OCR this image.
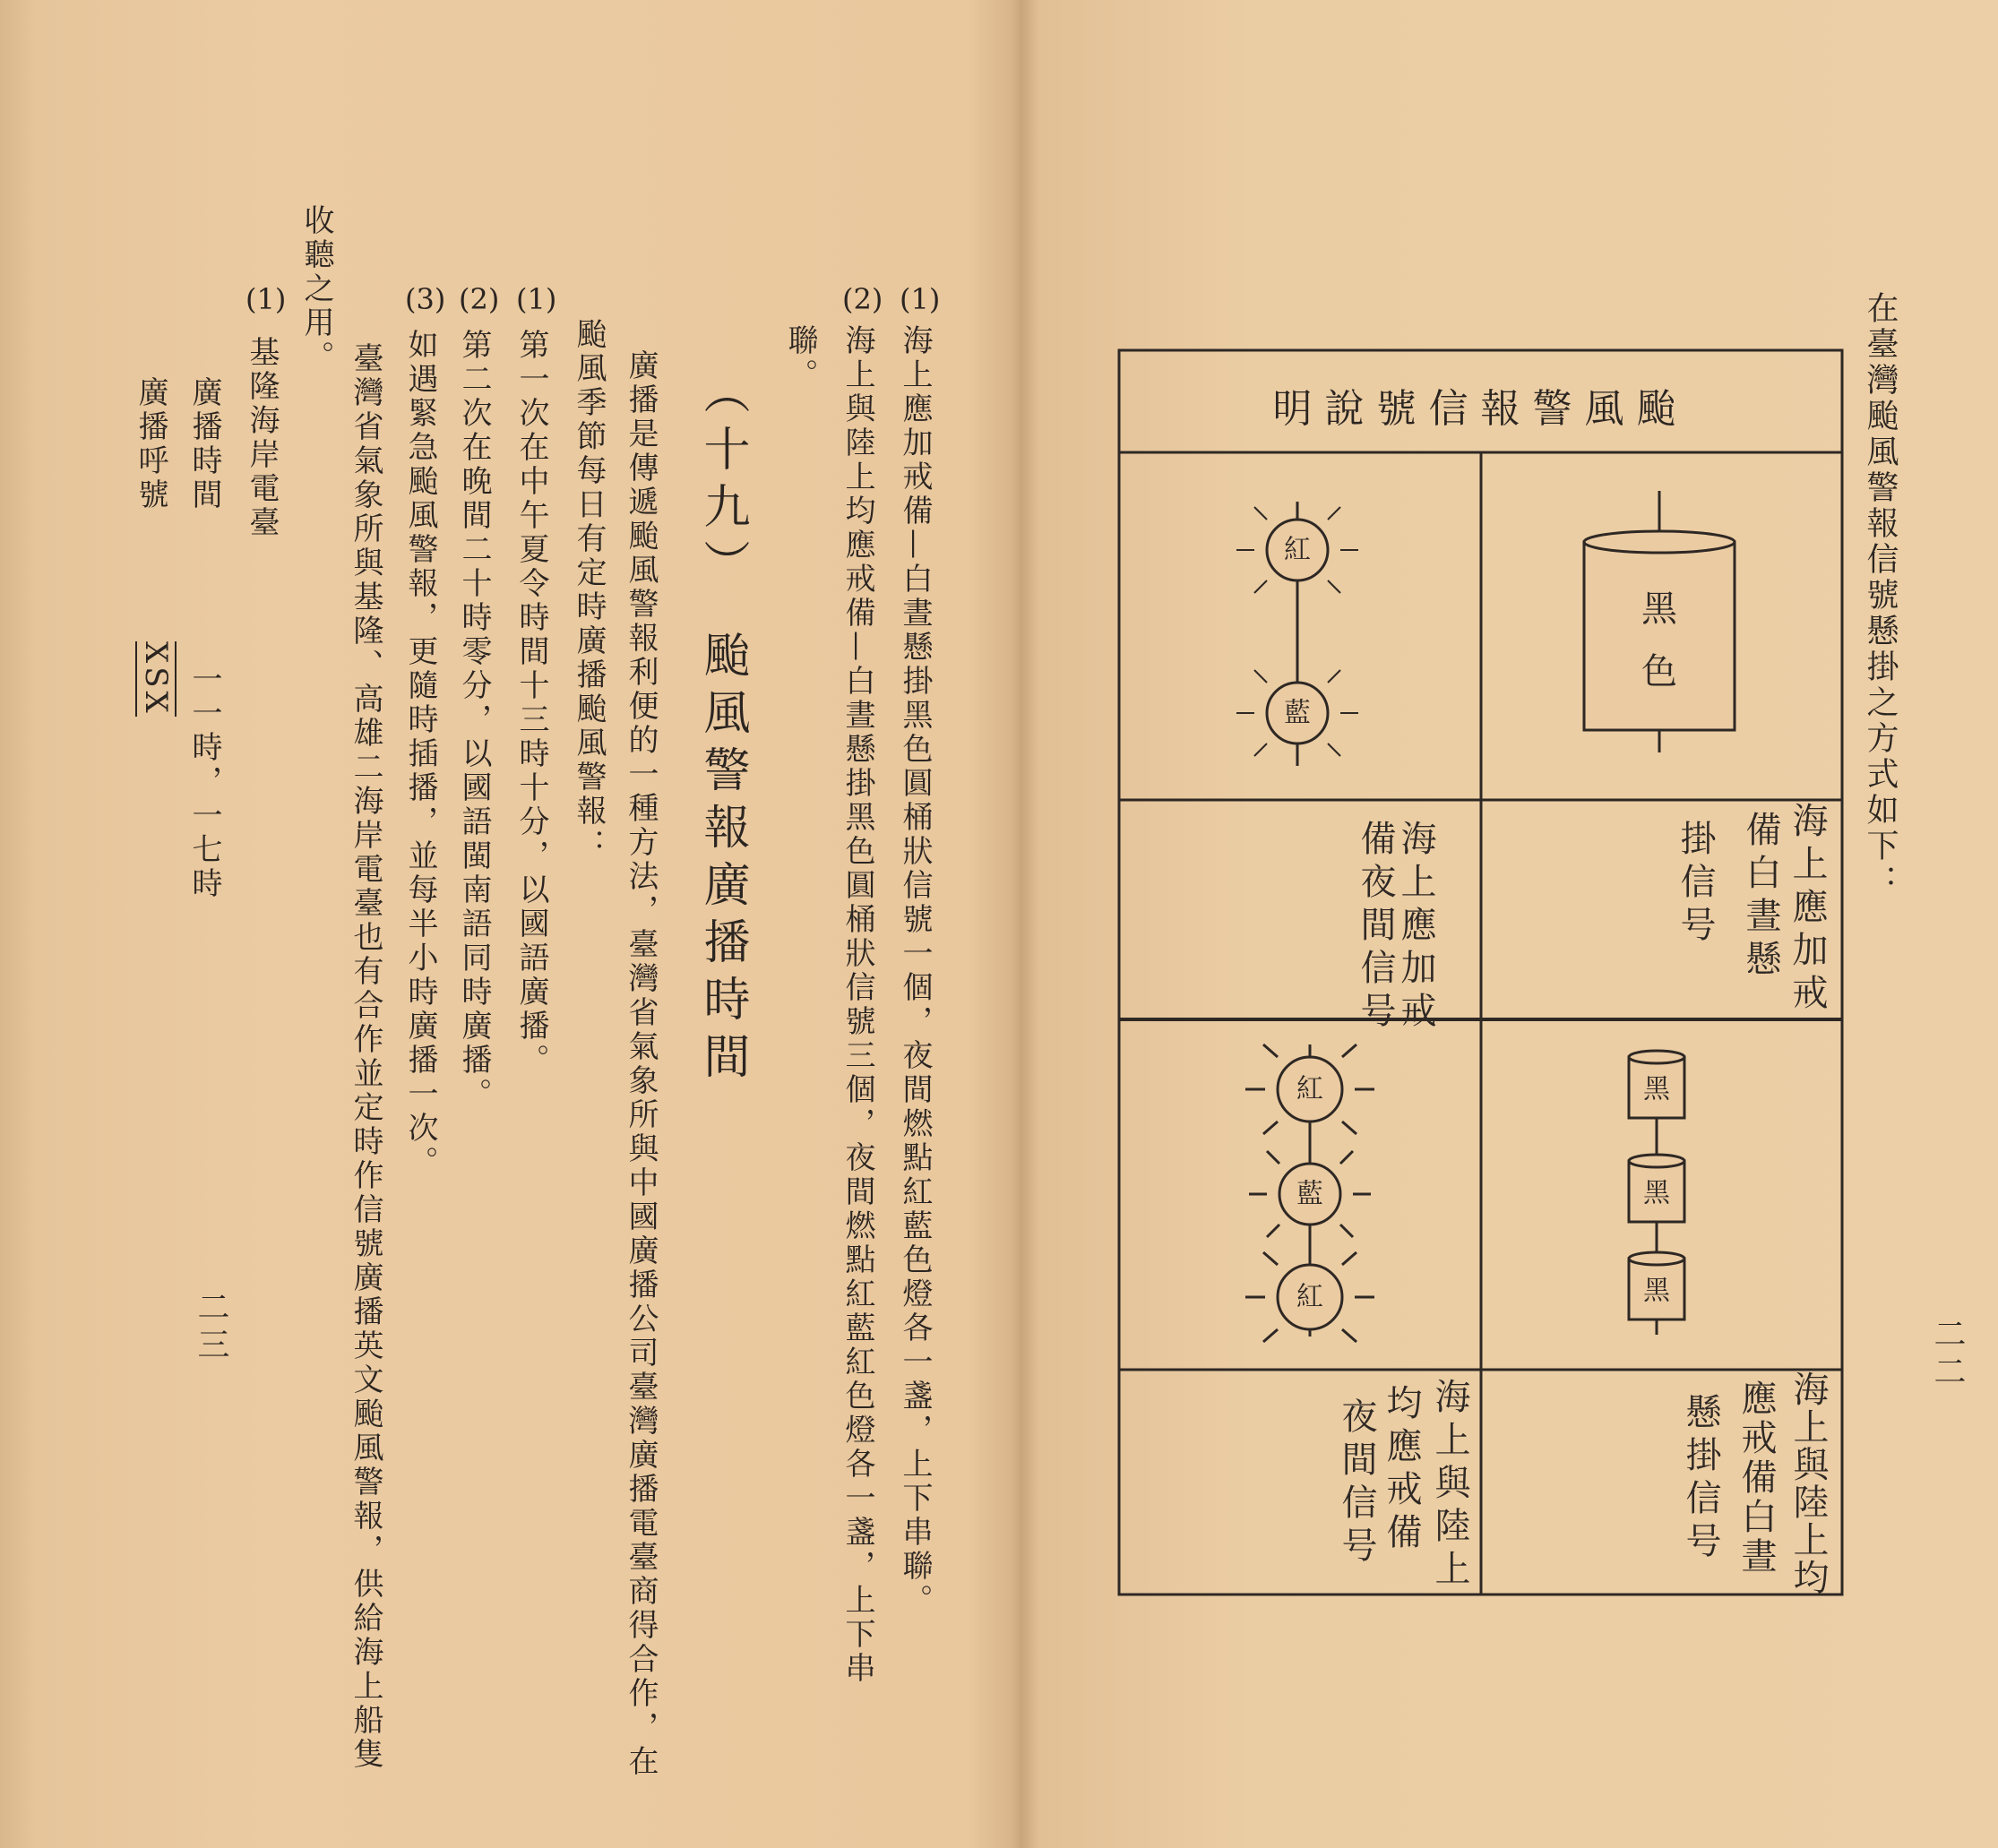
(1)
海上應加戒備—白晝懸掛黑色圓桶狀信號一個，夜間燃點紅藍色燈各一盞，上下串聯。
(2)
海上與陸上均應戒備—白晝懸掛黑色圓桶狀信號三個，夜間燃點紅藍紅色燈各一盞，上下串
聯。
（十九）　颱風警報廣播時間
廣播是傳遞颱風警報利便的一種方法，臺灣省氣象所與中國廣播公司臺灣廣播電臺商得合作，在
颱風季節每日有定時廣播颱風警報：
(1)
第一次在中午夏令時間十三時十分，以國語廣播。
(2)
第二次在晚間二十時零分，以國語閩南語同時廣播。
(3)
如遇緊急颱風警報，更隨時插播，並每半小時廣播一次。
臺灣省氣象所與基隆、高雄二海岸電臺也有合作並定時作信號廣播英文颱風警報，供給海上船隻
收聽之用。
(1)
基隆海岸電臺
廣播時間
一一時，一七時
廣播呼號
XSX
二三
在臺灣颱風警報信號懸掛之方式如下：
二二
紅
藍
黑
色
紅
藍
紅
黑
黑
黑
颱風警報信號說明
海上應加戒
備夜間信号	海上應加戒
備白晝懸
掛信号
海上與陸上
均應戒備
夜間信号	海上與陸上均
應戒備白晝
懸掛信号
